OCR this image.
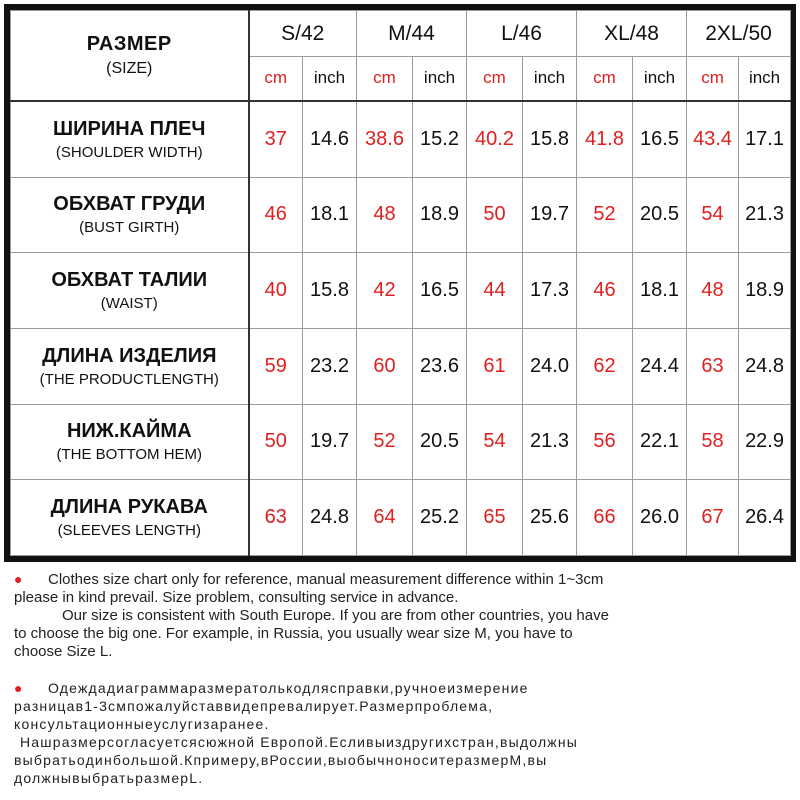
РАЗМЕР
(SIZE)	S/42		M/44		L/46		XL/48		2XL/50	
	cm	inch	cm	inch	cm	inch	cm	inch	cm	inch

ШИРИНА ПЛЕЧ
(SHOULDER WIDTH)	37	14.6	38.6	15.2	40.2	15.8	41.8	16.5	43.4	17.1

ОБХВАТ ГРУДИ
(BUST GIRTH)	46	18.1	48	18.9	50	19.7	52	20.5	54	21.3

ОБХВАТ ТАЛИИ
(WAIST)	40	15.8	42	16.5	44	17.3	46	18.1	48	18.9

ДЛИНА ИЗДЕЛИЯ
(THE PRODUCTLENGTH)	59	23.2	60	23.6	61	24.0	62	24.4	63	24.8

НИЖ.КАЙМА
(THE BOTTOM HEM)	50	19.7	52	20.5	54	21.3	56	22.1	58	22.9

ДЛИНА РУКАВА
(SLEEVES LENGTH)	63	24.8	64	25.2	65	25.6	66	26.0	67	26.4

● Clothes size chart only for reference, manual measurement difference within 1~3cm

please in kind prevail. Size problem, consulting service in advance.

Our size is consistent with South Europe. If you are from other countries, you have

to choose the big one. For example, in Russia, you usually wear size M, you have to

choose Size L.

● Одеждадиаграммаразмератолькодляcправки,ручноеизмерение

разницав1-3смпожалуйставвидепревалирует.Размерпроблема,

консультационныеуслугизаранее.

Нашразмерсогласуетсясюжной Европой.Есливыиздругихстран,выдолжны

выбратьодинбольшой.Кпримеру,вРоссии,выобычноноситеразмерM,вы

должнывыбратьразмерL.
